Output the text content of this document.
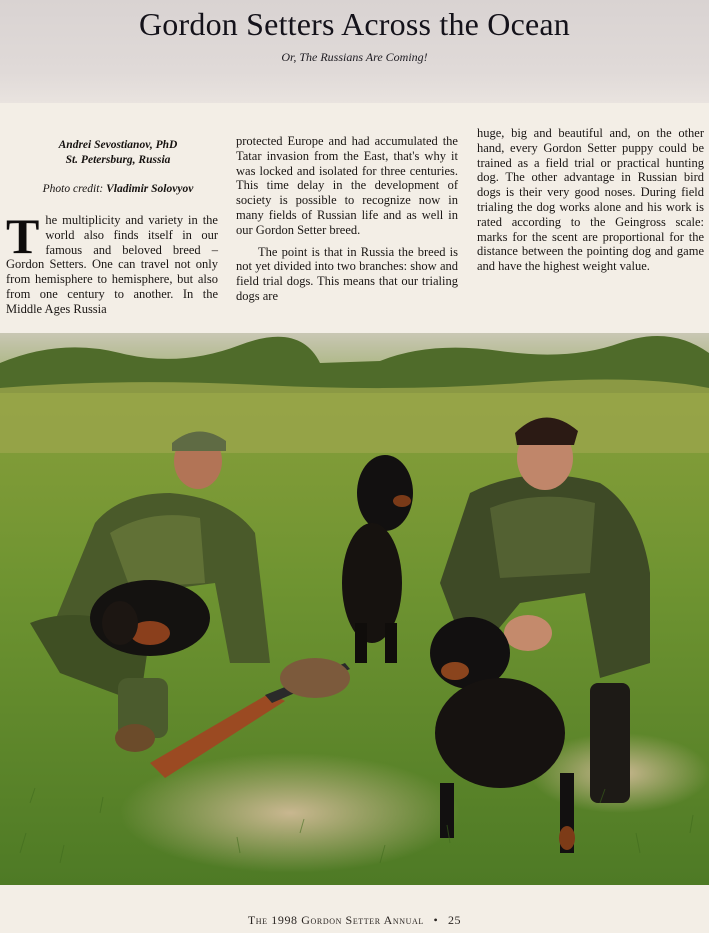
Gordon Setters Across the Ocean
Or, The Russians Are Coming!
Andrei Sevostianov, PhD
St. Petersburg, Russia
Photo credit: Vladimir Solovyov

The multiplicity and variety in the world also finds itself in our famous and beloved breed – Gordon Setters. One can travel not only from hemisphere to hemisphere, but also from one century to another. In the Middle Ages Russia

protected Europe and had accumulated the Tatar invasion from the East, that's why it was locked and isolated for three centuries. This time delay in the development of society is possible to recognize now in many fields of Russian life and as well in our Gordon Setter breed.

The point is that in Russia the breed is not yet divided into two branches: show and field trial dogs. This means that our trialing dogs are

huge, big and beautiful and, on the other hand, every Gordon Setter puppy could be trained as a field trial or practical hunting dog. The other advantage in Russian bird dogs is their very good noses. During field trialing the dog works alone and his work is rated according to the Geingross scale: marks for the scent are proportional for the distance between the pointing dog and game and have the highest weight value.

The 1998 Gordon Setter Annual • 25
